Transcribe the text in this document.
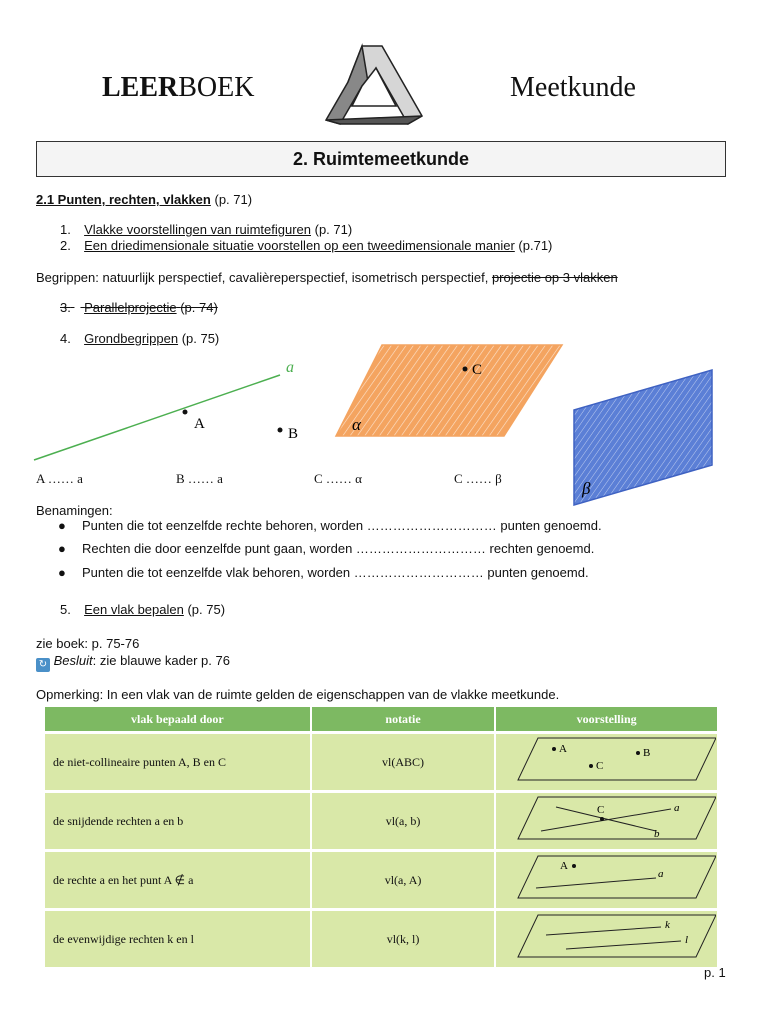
LEERBOEK	Meetkunde
2. Ruimtemeetkunde
2.1 Punten, rechten, vlakken (p. 71)
1. Vlakke voorstellingen van ruimtefiguren (p. 71)
2. Een driedimensionale situatie voorstellen op een tweedimensionale manier (p.71)
Begrippen: natuurlijk perspectief, cavalièreperspectief, isometrisch perspectief, projectie op 3 vlakken
3. Parallelprojectie (p. 74)
4. Grondbegrippen (p. 75)
a
A
B
C
α
β
A …… a	B …… a	C …… α	C …… β
Benamingen:
● Punten die tot eenzelfde rechte behoren, worden ………………………… punten genoemd.
● Rechten die door eenzelfde punt gaan, worden ………………………… rechten genoemd.
● Punten die tot eenzelfde vlak behoren, worden ………………………… punten genoemd.
5. Een vlak bepalen (p. 75)
zie boek: p. 75-76
↻ Besluit: zie blauwe kader p. 76
Opmerking: In een vlak van de ruimte gelden de eigenschappen van de vlakke meetkunde.
vlak bepaald door	notatie	voorstelling
de niet-collineaire punten A, B en C	vl(ABC)	A B
C

de snijdende rechten a en b	vl(a, b)	C a
b

de rechte a en het punt A ∉ a	vl(a, A)	A
a

de evenwijdige rechten k en l	vl(k, l)	k
l
p. 1
